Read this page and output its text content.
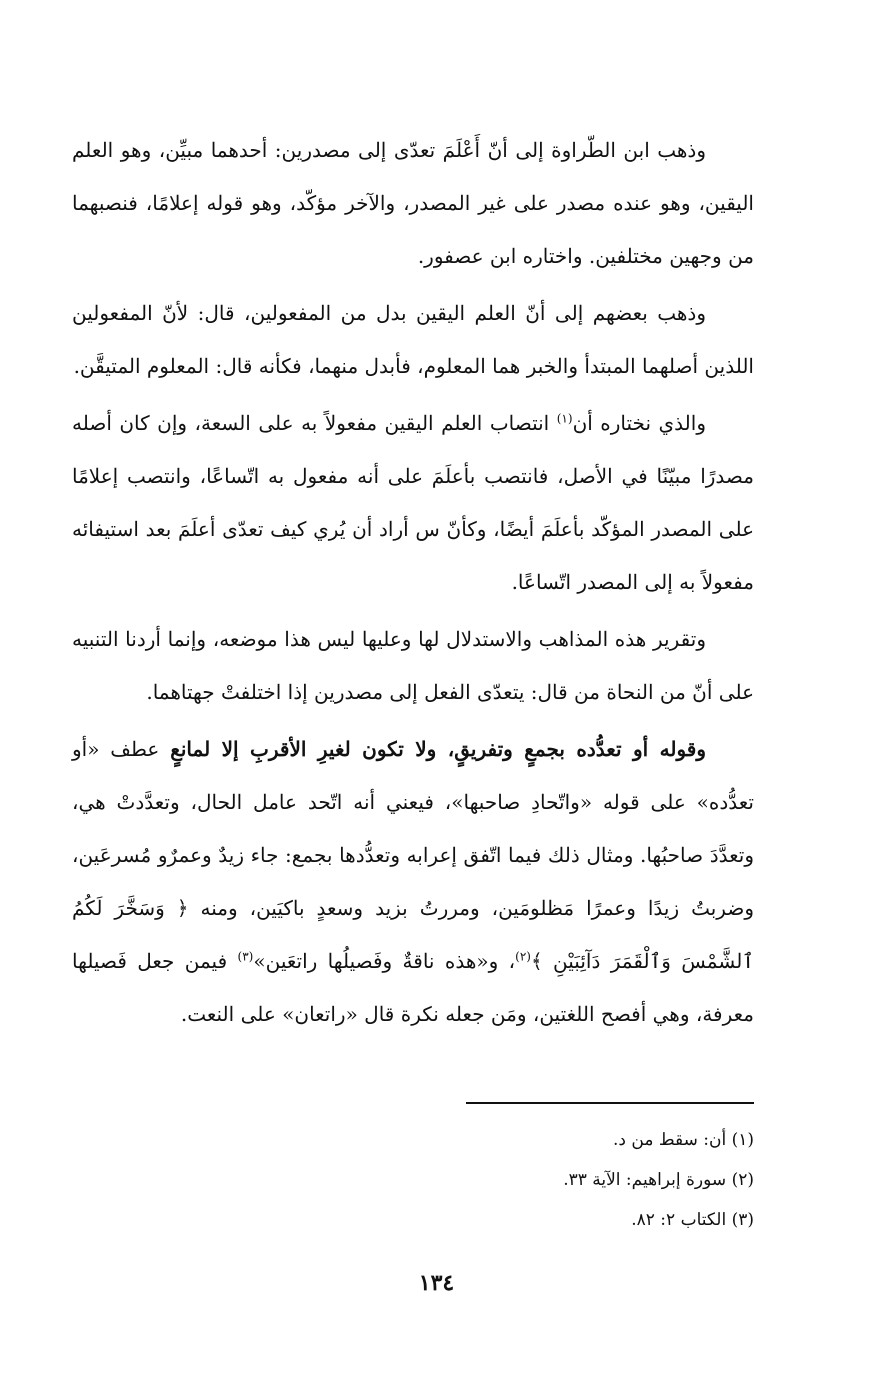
وذهب ابن الطّراوة إلى أنّ أَعْلَمَ تعدّى إلى مصدرين: أحدهما مبيِّن، وهو العلم اليقين، وهو عنده مصدر على غير المصدر، والآخر مؤكّد، وهو قوله إعلامًا، فنصبهما من وجهين مختلفين. واختاره ابن عصفور.

وذهب بعضهم إلى أنّ العلم اليقين بدل من المفعولين، قال: لأنّ المفعولين اللذين أصلهما المبتدأ والخبر هما المعلوم، فأبدل منهما، فكأنه قال: المعلوم المتيقَّن.

والذي نختاره أن$^{(١)}$ انتصاب العلم اليقين مفعولاً به على السعة، وإن كان أصله مصدرًا مبيّنًا في الأصل، فانتصب بأعلَمَ على أنه مفعول به اتّساعًا، وانتصب إعلامًا على المصدر المؤكّد بأعلَمَ أيضًا، وكأنّ س أراد أن يُري كيف تعدّى أعلَمَ بعد استيفائه مفعولاً به إلى المصدر اتّساعًا.

وتقرير هذه المذاهب والاستدلال لها وعليها ليس هذا موضعه، وإنما أردنا التنبيه على أنّ من النحاة من قال: يتعدّى الفعل إلى مصدرين إذا اختلفتْ جهتاهما.

وقوله أو تعدُّده بجمعٍ وتفريقٍ، ولا تكون لغيرِ الأقربِ إلا لمانعٍ عطف «أو تعدُّده» على قوله «واتّحادِ صاحبها»، فيعني أنه اتّحد عامل الحال، وتعدَّدتْ هي، وتعدَّدَ صاحبُها. ومثال ذلك فيما اتّفق إعرابه وتعدُّدها بجمع: جاء زيدٌ وعمرٌو مُسرعَين، وضربتُ زيدًا وعمرًا مَظلومَين، ومررتُ بزيد وسعدٍ باكيَين، ومنه ﴿ وَسَخَّرَ لَكُمُ ٱلشَّمْسَ وَٱلْقَمَرَ دَآئِبَيْنِ ﴾$^{(٢)}$، و«هذه ناقةٌ وفَصيلُها راتعَين»$^{(٣)}$ فيمن جعل فَصيلها معرفة، وهي أفصح اللغتين، ومَن جعله نكرة قال «راتعان» على النعت.

(١) أن: سقط من د.

(٢) سورة إبراهيم: الآية ٣٣.

(٣) الكتاب ٢: ٨٢.

١٣٤
